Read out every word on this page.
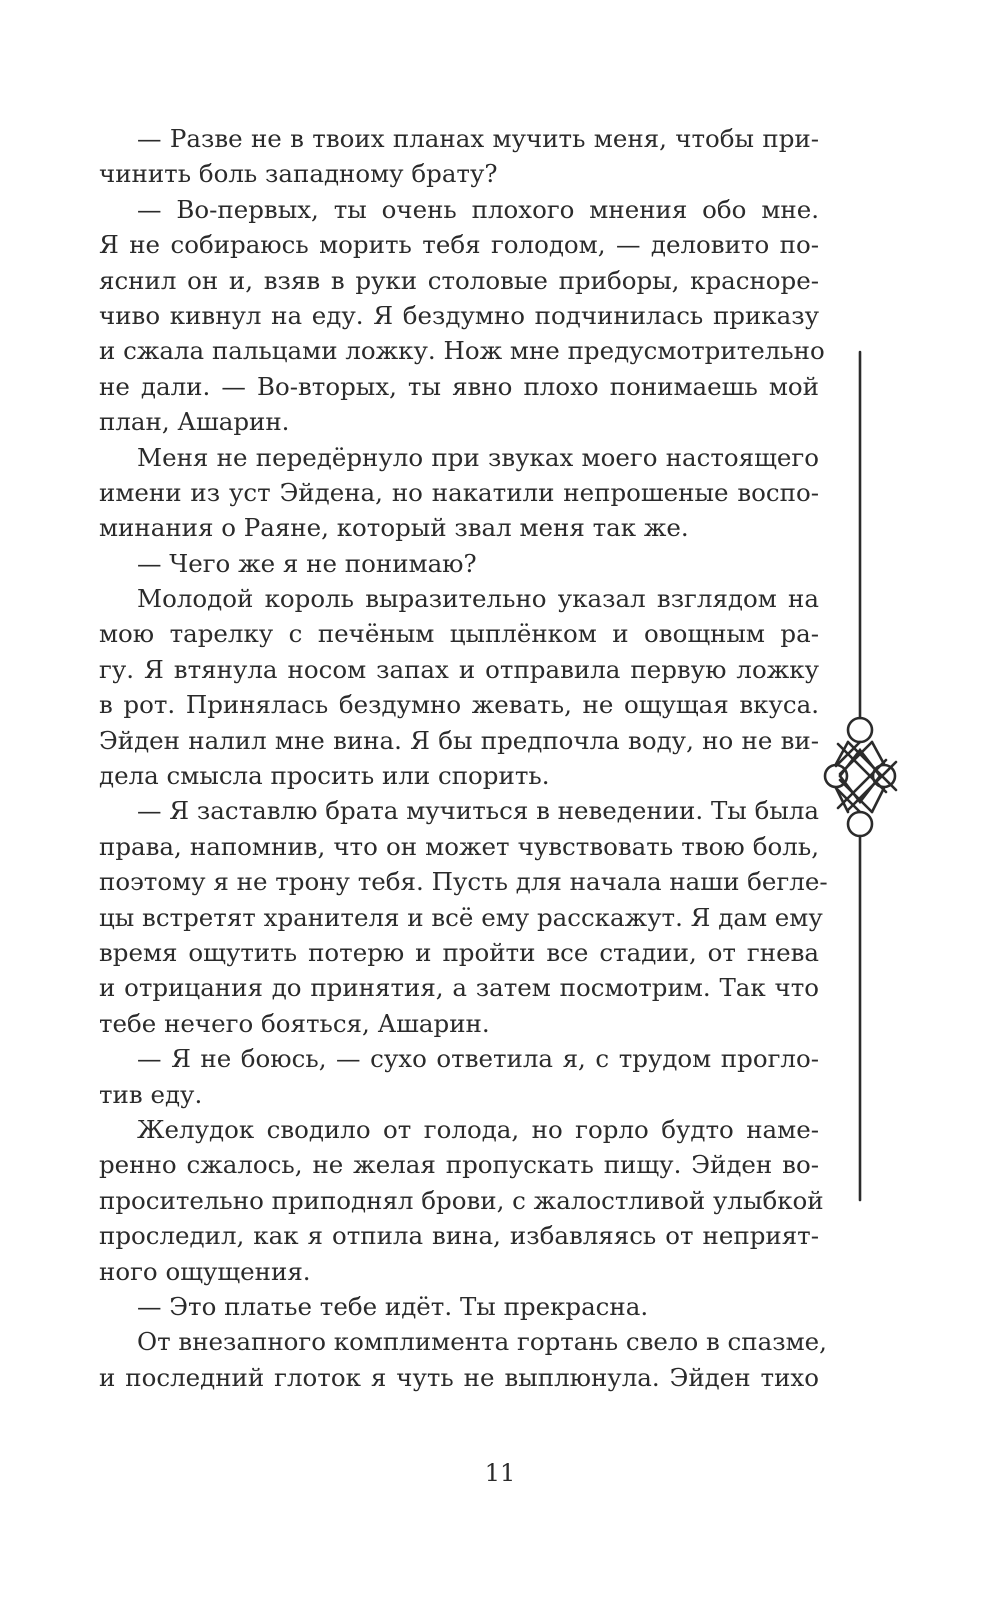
— Разве не в твоих планах мучить меня, чтобы при-
чинить боль западному брату?
— Во-первых, ты очень плохого мнения обо мне.
Я не собираюсь морить тебя голодом, — деловито по-
яснил он и, взяв в руки столовые приборы, красноре-
чиво кивнул на еду. Я бездумно подчинилась приказу
и сжала пальцами ложку. Нож мне предусмотрительно
не дали. — Во-вторых, ты явно плохо понимаешь мой
план, Ашарин.
Меня не передёрнуло при звуках моего настоящего
имени из уст Эйдена, но накатили непрошеные воспо-
минания о Раяне, который звал меня так же.
— Чего же я не понимаю?
Молодой король выразительно указал взглядом на
мою тарелку с печёным цыплёнком и овощным ра-
гу. Я втянула носом запах и отправила первую ложку
в рот. Принялась бездумно жевать, не ощущая вкуса.
Эйден налил мне вина. Я бы предпочла воду, но не ви-
дела смысла просить или спорить.
— Я заставлю брата мучиться в неведении. Ты была
права, напомнив, что он может чувствовать твою боль,
поэтому я не трону тебя. Пусть для начала наши бегле-
цы встретят хранителя и всё ему расскажут. Я дам ему
время ощутить потерю и пройти все стадии, от гнева
и отрицания до принятия, а затем посмотрим. Так что
тебе нечего бояться, Ашарин.
— Я не боюсь, — сухо ответила я, с трудом прогло-
тив еду.
Желудок сводило от голода, но горло будто наме-
ренно сжалось, не желая пропускать пищу. Эйден во-
просительно приподнял брови, с жалостливой улыбкой
проследил, как я отпила вина, избавляясь от неприят-
ного ощущения.
— Это платье тебе идёт. Ты прекрасна.
От внезапного комплимента гортань свело в спазме,
и последний глоток я чуть не выплюнула. Эйден тихо
11
